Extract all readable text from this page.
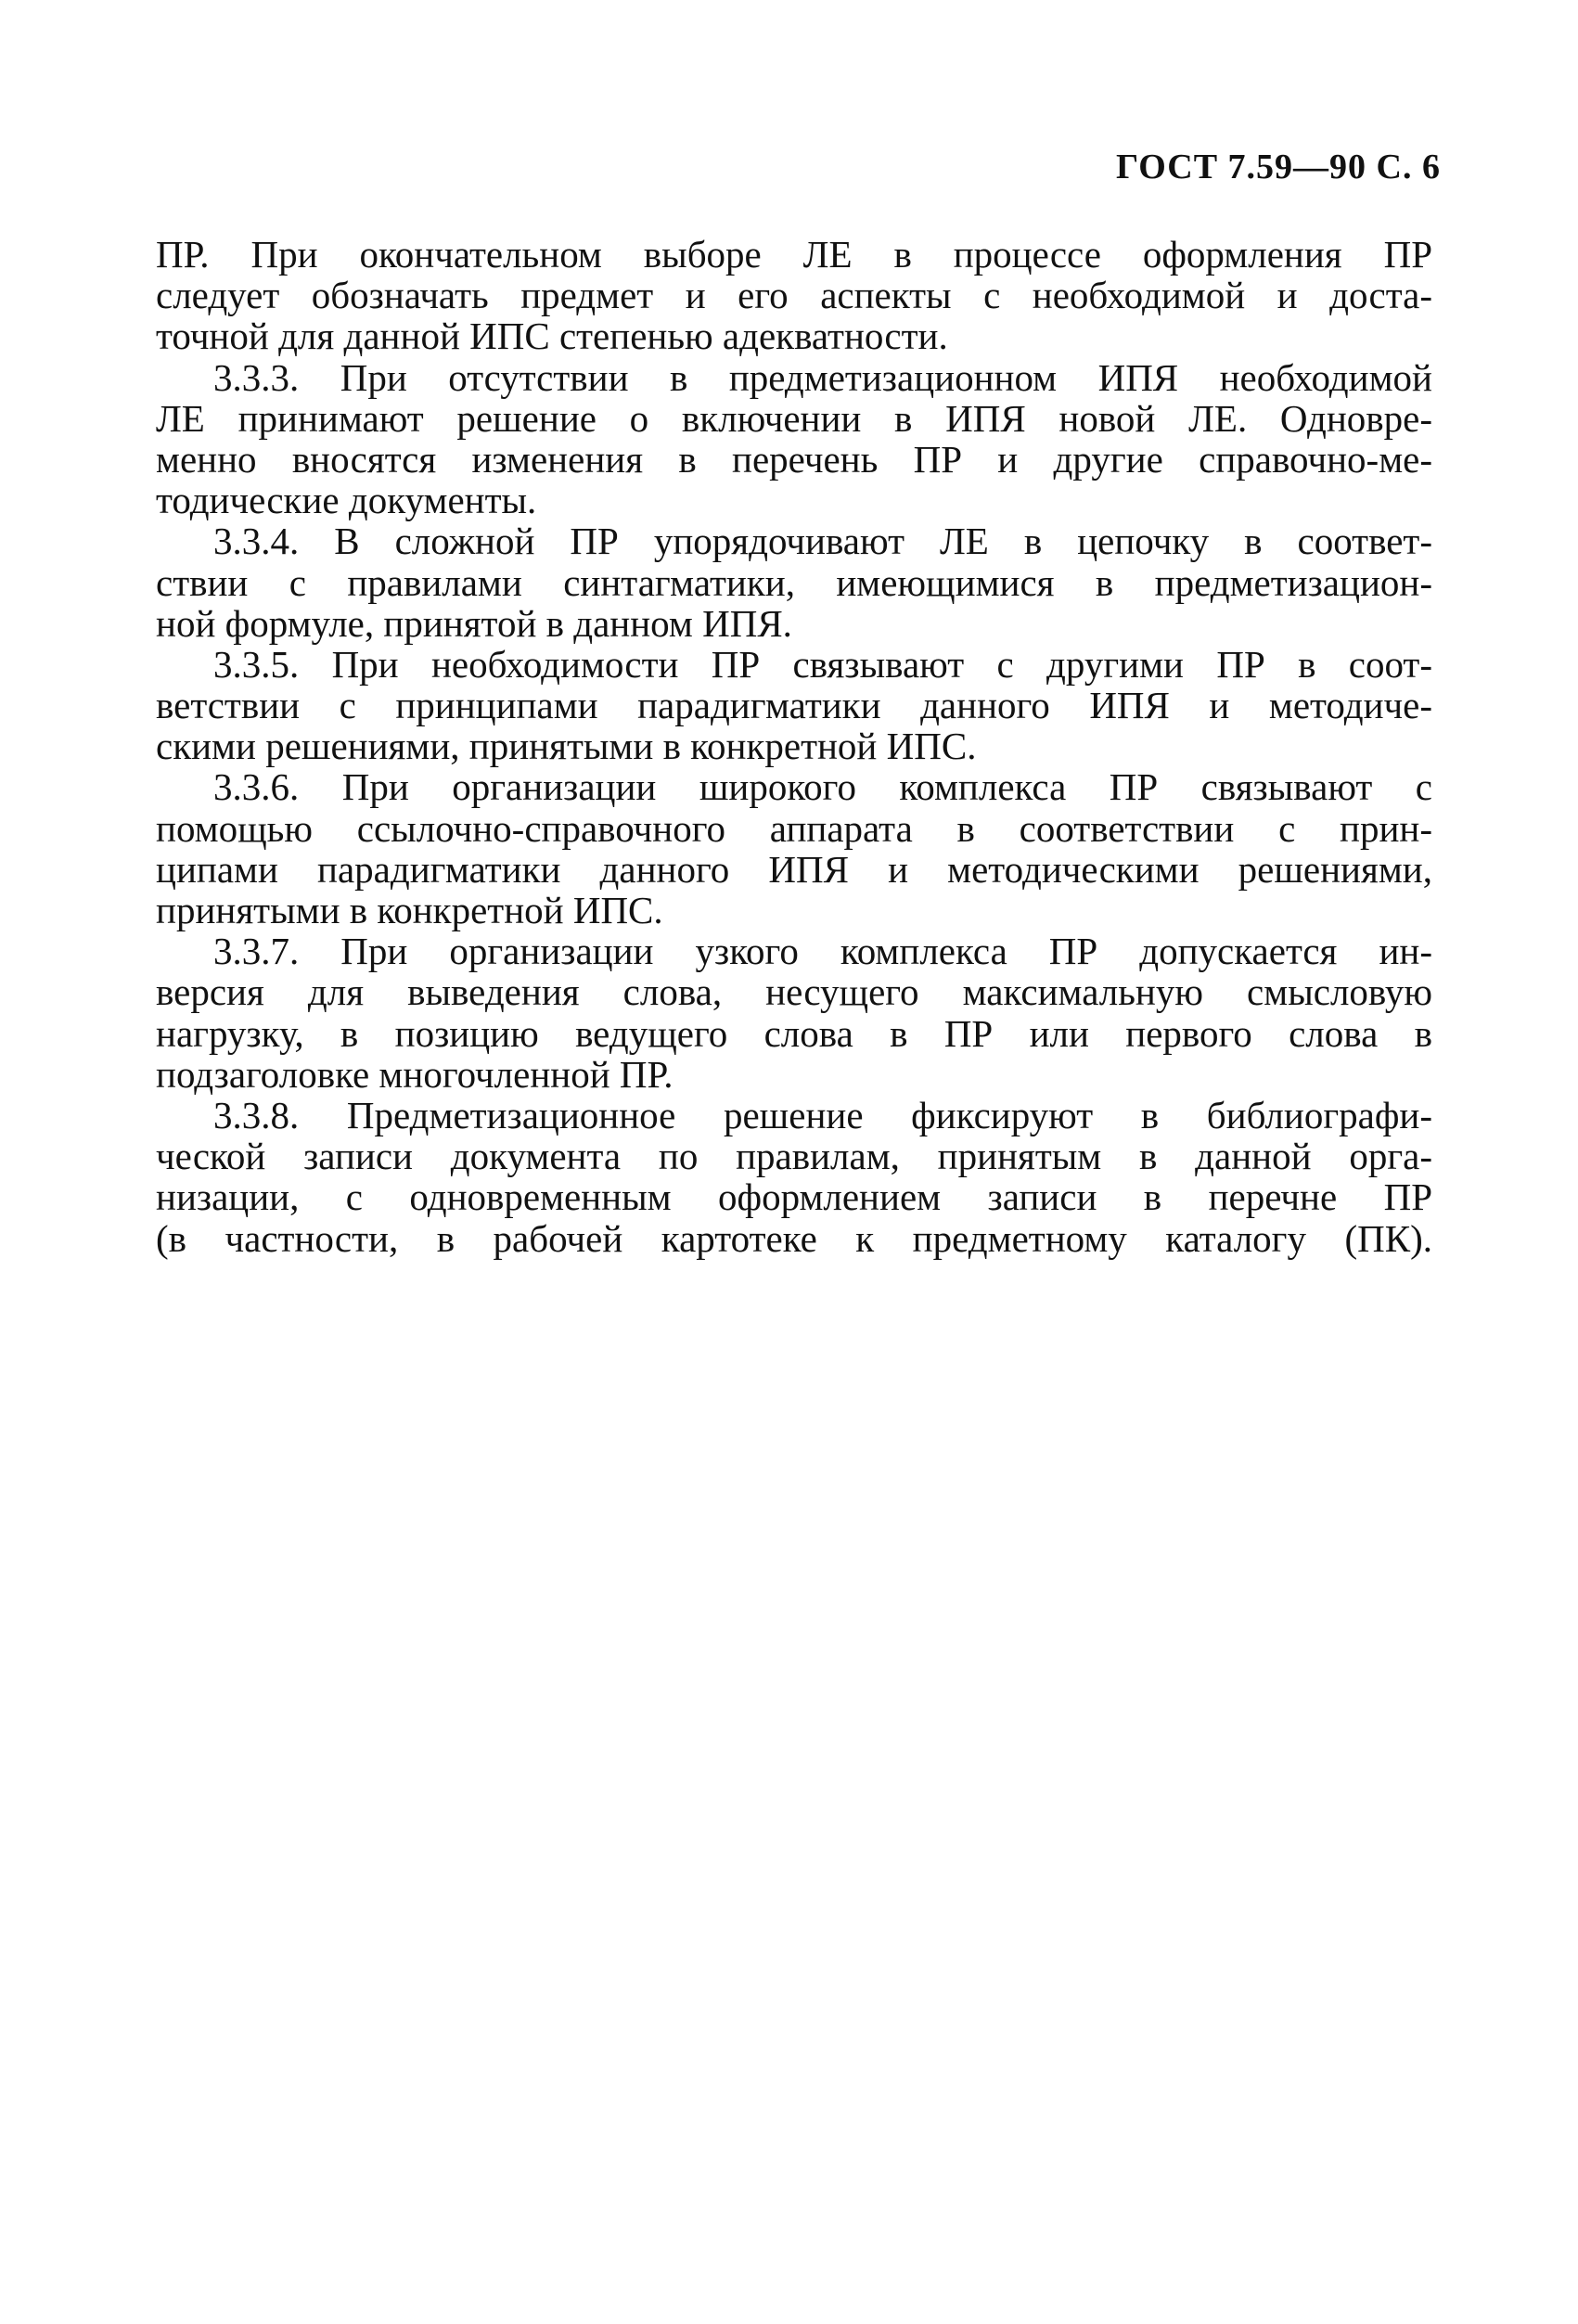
ГОСТ 7.59—90 С. 6
ПР. При окончательном выборе ЛЕ в процессе оформления ПР
следует обозначать предмет и его аспекты с необходимой и доста-
точной для данной ИПС степенью адекватности.
3.3.3. При отсутствии в предметизационном ИПЯ необходимой
ЛЕ принимают решение о включении в ИПЯ новой ЛЕ. Одновре-
менно вносятся изменения в перечень ПР и другие справочно-ме-
тодические документы.
3.3.4. В сложной ПР упорядочивают ЛЕ в цепочку в соответ-
ствии с правилами синтагматики, имеющимися в предметизацион-
ной формуле, принятой в данном ИПЯ.
3.3.5. При необходимости ПР связывают с другими ПР в соот-
ветствии с принципами парадигматики данного ИПЯ и методиче-
скими решениями, принятыми в конкретной ИПС.
3.3.6. При организации широкого комплекса ПР связывают с
помощью ссылочно-справочного аппарата в соответствии с прин-
ципами парадигматики данного ИПЯ и методическими решениями,
принятыми в конкретной ИПС.
3.3.7. При организации узкого комплекса ПР допускается ин-
версия для выведения слова, несущего максимальную смысловую
нагрузку, в позицию ведущего слова в ПР или первого слова в
подзаголовке многочленной ПР.
3.3.8. Предметизационное решение фиксируют в библиографи-
ческой записи документа по правилам, принятым в данной орга-
низации, с одновременным оформлением записи в перечне ПР
(в частности, в рабочей картотеке к предметному каталогу (ПК).
